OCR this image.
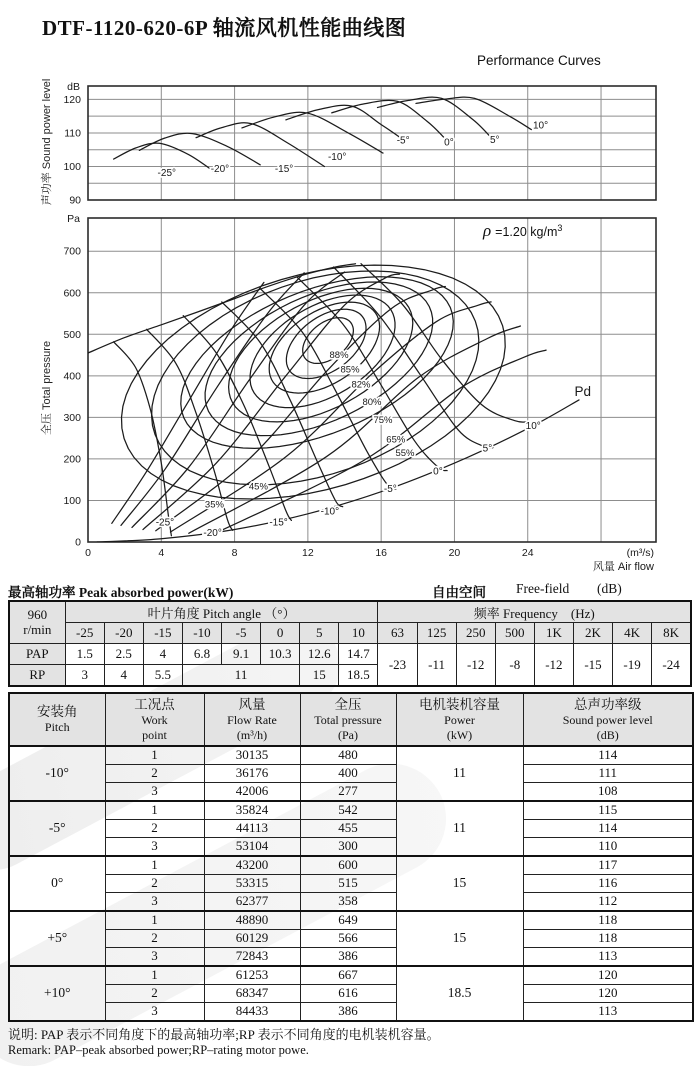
DTF-1120-620-6P 轴流风机性能曲线图
Performance Curves
声功率 Sound power level 90
100
110
120
dB
-25°	-20°	-15°
-10°
-5°	0°	5°
10°
全压 Total pressure
0
100
200
300
400
500
600
700
0	4	8	12	16	20	24
Pa
(m³/s)
风量 Air flow
-25°
-20°
-15°
-10°
-5°
0°
5°
10°
Pd
88%
85%
82%
80%
75%
65%
55%
45%
35%
ρ =1.20 $kg/m^3$
最高轴功率 Peak absorbed power(kW)	自由空间 Free-field (dB)
960
r/min	叶片角度 Pitch angle （°）								频率 Frequency　(Hz)							
	-25	-20	-15	-10	-5	0	5	10	63	125	250	500	1K	2K	4K	8K
PAP	1.5	2.5	4	6.8	9.1	10.3	12.6	14.7	-23	-11	-12	-8	-12	-15	-19	-24
RP	3	4	5.5	11			15	18.5								
安装角
Pitch

工况点
Work
point

风量
Flow Rate
(m³/h)

全压
Total pressure
(Pa)

电机装机容量
Power
(kW)

总声功率级
Sound power level
(dB)

-10°	1	30135	480	11	114
	2	36176	400		111
	3	42006	277		108
-5°	1	35824	542	11	115
	2	44113	455		114
	3	53104	300		110
0°	1	43200	600	15	117
	2	53315	515		116
	3	62377	358		112
+5°	1	48890	649	15	118
	2	60129	566		118
	3	72843	386		113
+10°	1	61253	667	18.5	120
	2	68347	616		120
	3	84433	386		113
说明: PAP 表示不同角度下的最高轴功率;RP 表示不同角度的电机装机容量。
Remark: PAP–peak absorbed power;RP–rating motor powe.
